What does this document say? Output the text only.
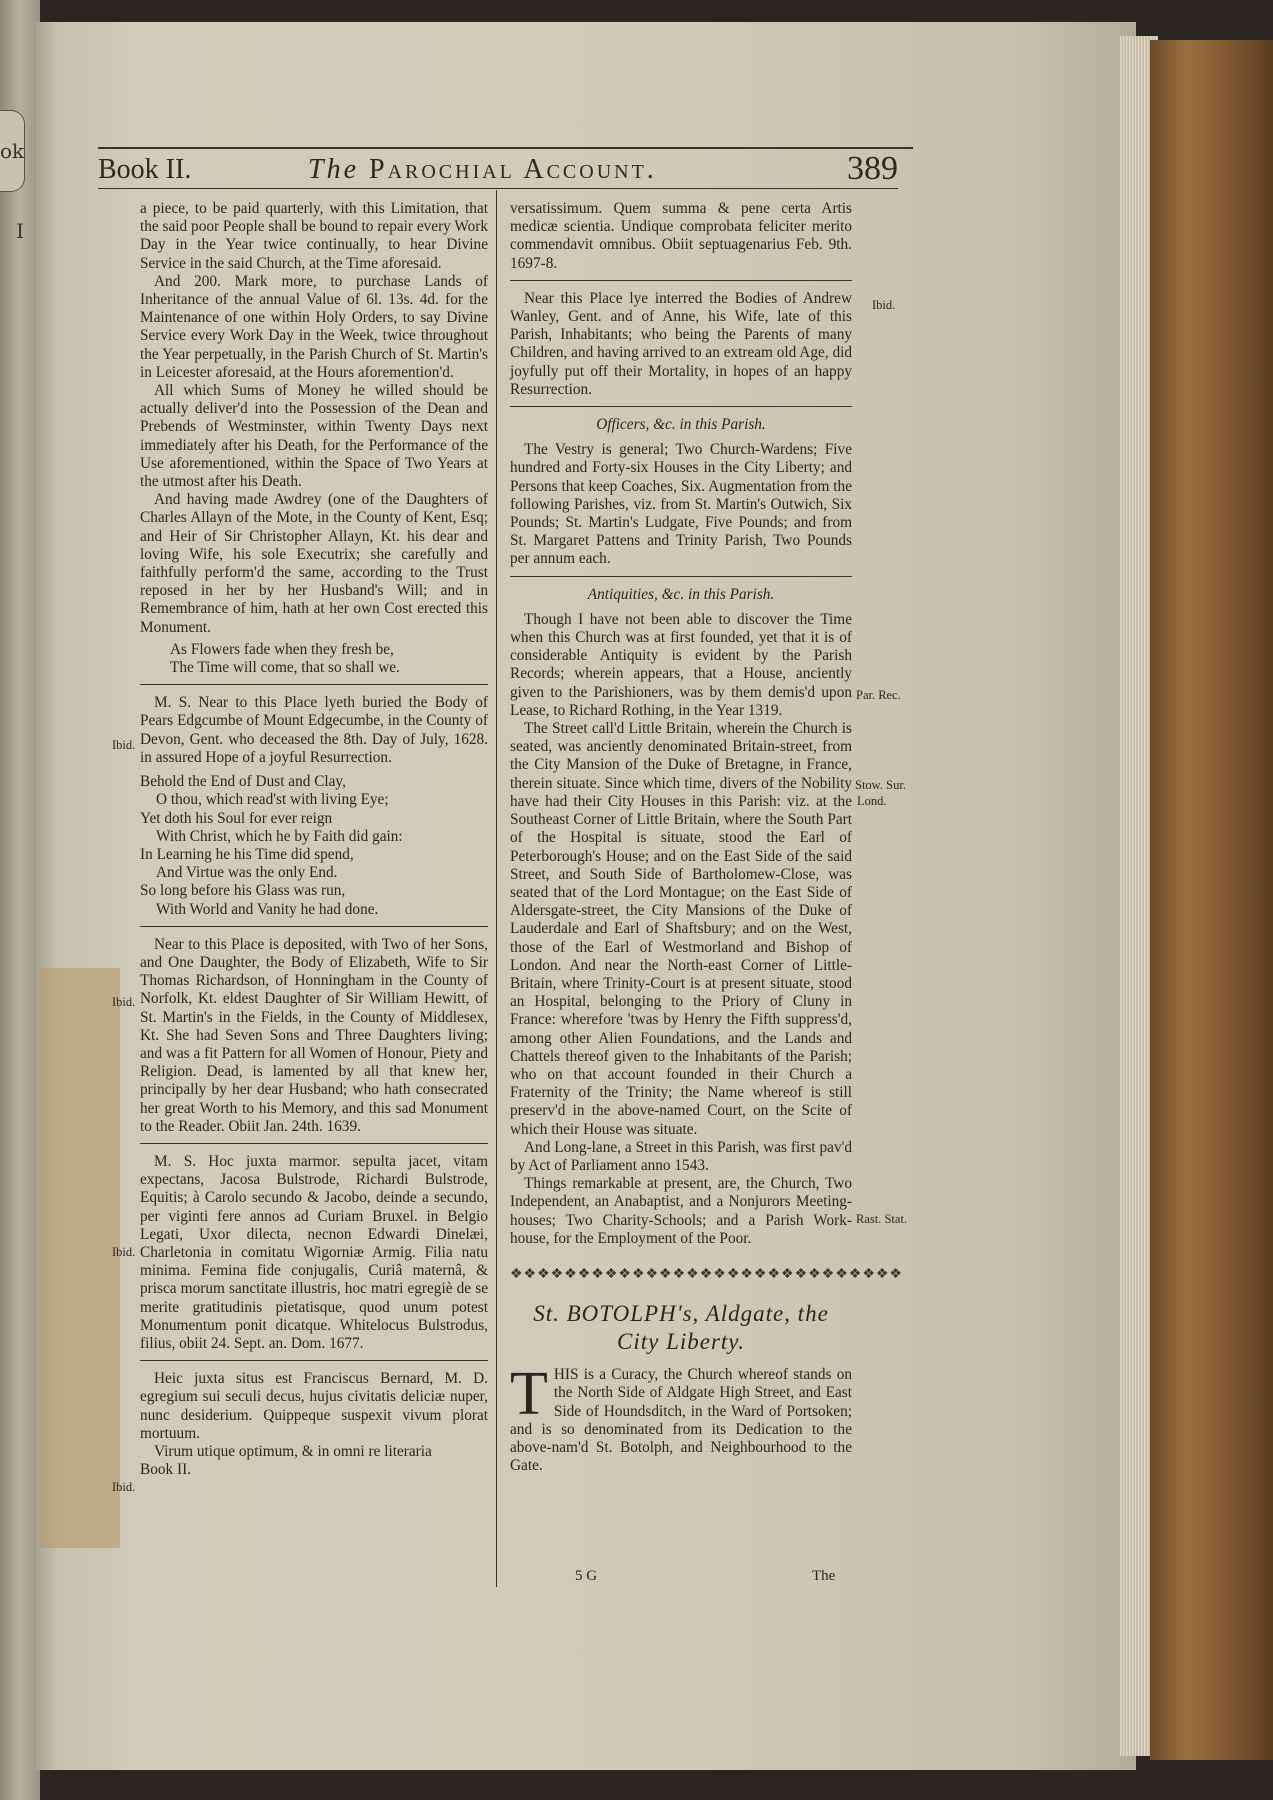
ok I
Book II.	The Parochial Account.	389

a piece, to be paid quarterly, with this Limitation, that the said poor People shall be bound to repair every Work Day in the Year twice continually, to hear Divine Service in the said Church, at the Time aforesaid.

And 200. Mark more, to purchase Lands of Inheritance of the annual Value of 6l. 13s. 4d. for the Maintenance of one within Holy Orders, to say Divine Service every Work Day in the Week, twice throughout the Year perpetually, in the Parish Church of St. Martin's in Leicester aforesaid, at the Hours aforemention'd.

All which Sums of Money he willed should be actually deliver'd into the Possession of the Dean and Prebends of Westminster, within Twenty Days next immediately after his Death, for the Performance of the Use aforementioned, within the Space of Two Years at the utmost after his Death.

And having made Awdrey (one of the Daughters of Charles Allayn of the Mote, in the County of Kent, Esq; and Heir of Sir Christopher Allayn, Kt. his dear and loving Wife, his sole Executrix; she carefully and faithfully perform'd the same, according to the Trust reposed in her by her Husband's Will; and in Remembrance of him, hath at her own Cost erected this Monument.

As Flowers fade when they fresh be,
The Time will come, that so shall we.

M. S. Near to this Place lyeth buried the Body of Pears Edgcumbe of Mount Edgecumbe, in the County of Devon, Gent. who deceased the 8th. Day of July, 1628. in assured Hope of a joyful Resurrection.

Behold the End of Dust and Clay,
O thou, which read'st with living Eye;
Yet doth his Soul for ever reign
With Christ, which he by Faith did gain:
In Learning he his Time did spend,
And Virtue was the only End.
So long before his Glass was run,
With World and Vanity he had done.

Near to this Place is deposited, with Two of her Sons, and One Daughter, the Body of Elizabeth, Wife to Sir Thomas Richardson, of Honningham in the County of Norfolk, Kt. eldest Daughter of Sir William Hewitt, of St. Martin's in the Fields, in the County of Middlesex, Kt. She had Seven Sons and Three Daughters living; and was a fit Pattern for all Women of Honour, Piety and Religion. Dead, is lamented by all that knew her, principally by her dear Husband; who hath consecrated her great Worth to his Memory, and this sad Monument to the Reader. Obiit Jan. 24th. 1639.

M. S. Hoc juxta marmor. sepulta jacet, vitam expectans, Jacosa Bulstrode, Richardi Bulstrode, Equitis; à Carolo secundo & Jacobo, deinde a secundo, per viginti fere annos ad Curiam Bruxel. in Belgio Legati, Uxor dilecta, necnon Edwardi Dinelæi, Charletonia in comitatu Wigorniæ Armig. Filia natu minima. Femina fide conjugalis, Curiâ maternâ, & prisca morum sanctitate illustris, hoc matri egregiè de se merite gratitudinis pietatisque, quod unum potest Monumentum ponit dicatque. Whitelocus Bulstrodus, filius, obiit 24. Sept. an. Dom. 1677.

Heic juxta situs est Franciscus Bernard, M. D. egregium sui seculi decus, hujus civitatis deliciæ nuper, nunc desiderium. Quippeque suspexit vivum plorat mortuum.

Virum utique optimum, & in omni re literaria

Book II.

Ibid.
Ibid.
Ibid.
Ibid.

versatissimum. Quem summa & pene certa Artis medicæ scientia. Undique comprobata feliciter merito commendavit omnibus. Obiit septuagenarius Feb. 9th. 1697-8.

Near this Place lye interred the Bodies of Andrew Wanley, Gent. and of Anne, his Wife, late of this Parish, Inhabitants; who being the Parents of many Children, and having arrived to an extream old Age, did joyfully put off their Mortality, in hopes of an happy Resurrection.

Officers, &c. in this Parish.

The Vestry is general; Two Church-Wardens; Five hundred and Forty-six Houses in the City Liberty; and Persons that keep Coaches, Six. Augmentation from the following Parishes, viz. from St. Martin's Outwich, Six Pounds; St. Martin's Ludgate, Five Pounds; and from St. Margaret Pattens and Trinity Parish, Two Pounds per annum each.

Antiquities, &c. in this Parish.

Though I have not been able to discover the Time when this Church was at first founded, yet that it is of considerable Antiquity is evident by the Parish Records; wherein appears, that a House, anciently given to the Parishioners, was by them demis'd upon Lease, to Richard Rothing, in the Year 1319.

The Street call'd Little Britain, wherein the Church is seated, was anciently denominated Britain-street, from the City Mansion of the Duke of Bretagne, in France, therein situate. Since which time, divers of the Nobility have had their City Houses in this Parish: viz. at the Southeast Corner of Little Britain, where the South Part of the Hospital is situate, stood the Earl of Peterborough's House; and on the East Side of the said Street, and South Side of Bartholomew-Close, was seated that of the Lord Montague; on the East Side of Aldersgate-street, the City Mansions of the Duke of Lauderdale and Earl of Shaftsbury; and on the West, those of the Earl of Westmorland and Bishop of London. And near the North-east Corner of Little-Britain, where Trinity-Court is at present situate, stood an Hospital, belonging to the Priory of Cluny in France: wherefore 'twas by Henry the Fifth suppress'd, among other Alien Foundations, and the Lands and Chattels thereof given to the Inhabitants of the Parish; who on that account founded in their Church a Fraternity of the Trinity; the Name whereof is still preserv'd in the above-named Court, on the Scite of which their House was situate.

And Long-lane, a Street in this Parish, was first pav'd by Act of Parliament anno 1543.

Things remarkable at present, are, the Church, Two Independent, an Anabaptist, and a Nonjurors Meeting-houses; Two Charity-Schools; and a Parish Work-house, for the Employment of the Poor.

❖❖❖❖❖❖❖❖❖❖❖❖❖❖❖❖❖❖❖❖❖❖❖❖❖❖❖❖❖
St. BOTOLPH's, Aldgate, the City Liberty.

THIS is a Curacy, the Church whereof stands on the North Side of Aldgate High Street, and East Side of Houndsditch, in the Ward of Portsoken; and is so denominated from its Dedication to the above-nam'd St. Botolph, and Neighbourhood to the Gate.

Ibid.
Par. Rec.
Stow. Sur.
Lond.
Rast. Stat.
5 G	The
